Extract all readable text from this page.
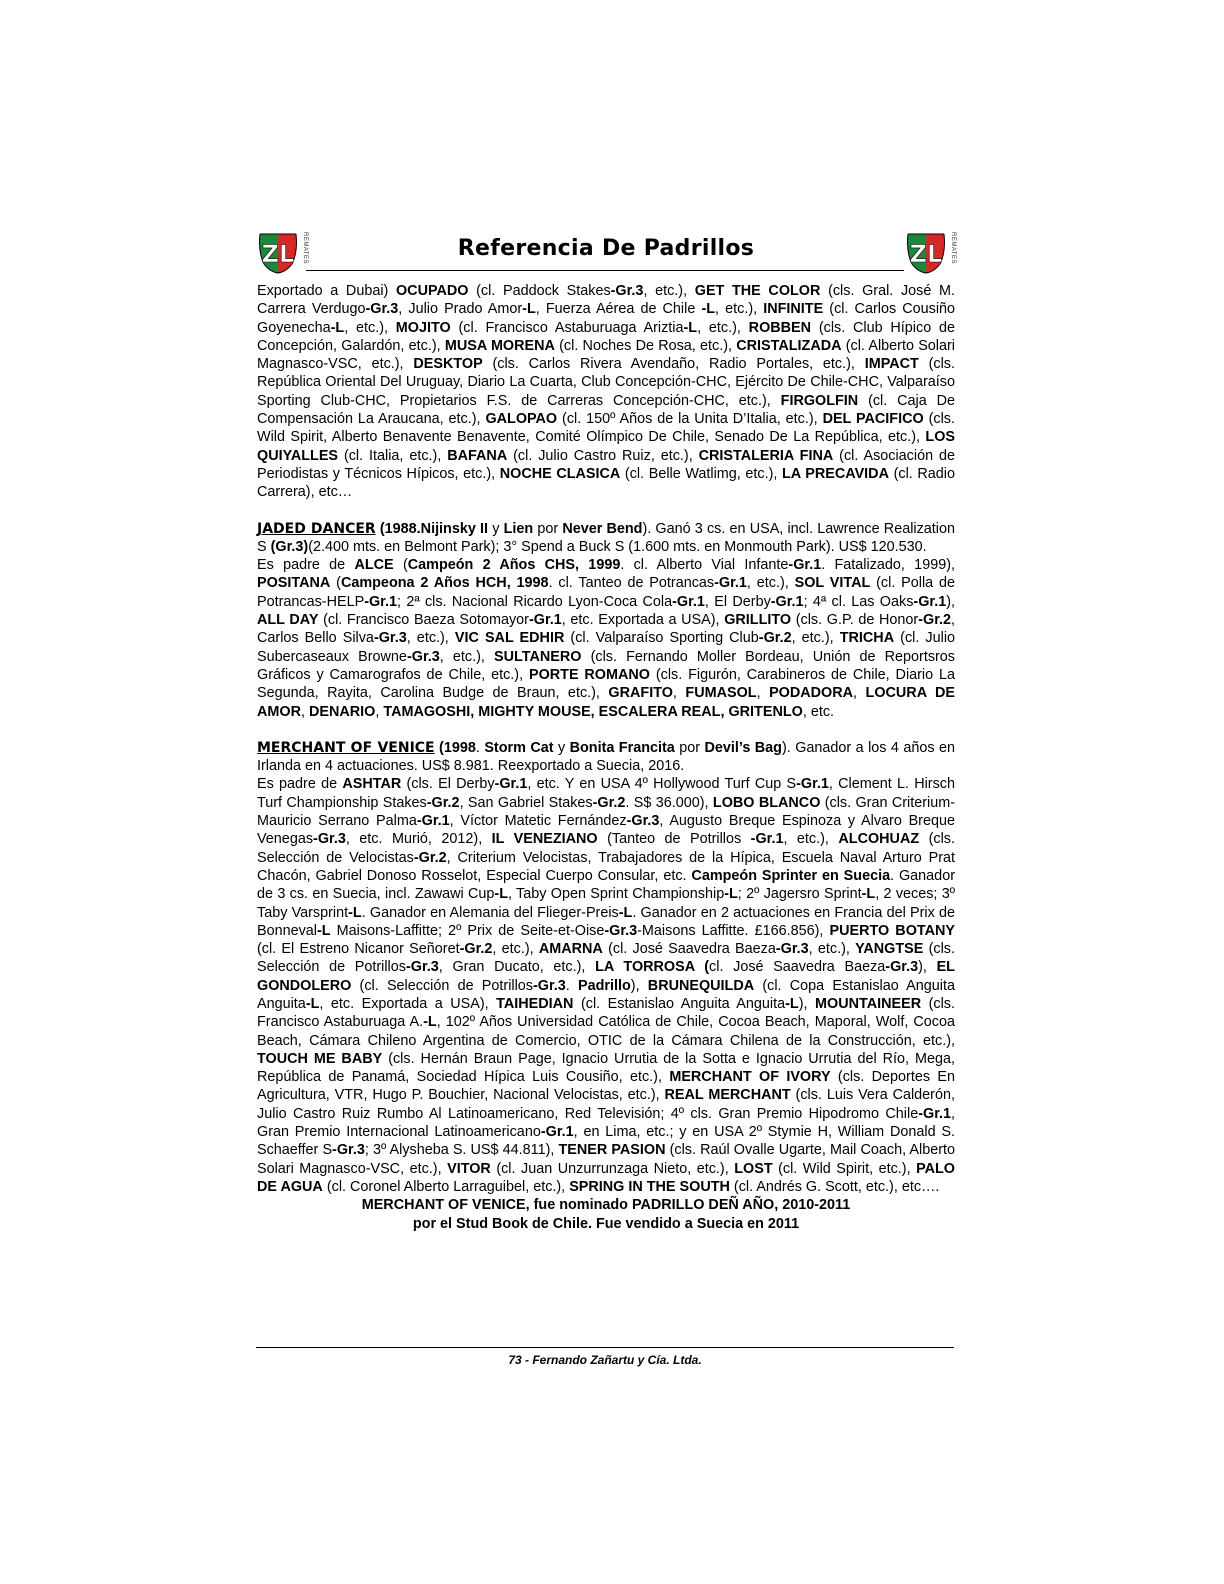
ZL REMATES	Referencia De Padrillos	ZL REMATES

Exportado a Dubai) OCUPADO (cl. Paddock Stakes-Gr.3, etc.), GET THE COLOR (cls. Gral. José M. Carrera Verdugo-Gr.3, Julio Prado Amor-L, Fuerza Aérea de Chile -L, etc.), INFINITE (cl. Carlos Cousiño Goyenecha-L, etc.), MOJITO (cl. Francisco Astaburuaga Ariztia-L, etc.), ROBBEN (cls. Club Hípico de Concepción, Galardón, etc.), MUSA MORENA (cl. Noches De Rosa, etc.), CRISTALIZADA (cl. Alberto Solari Magnasco-VSC, etc.), DESKTOP (cls. Carlos Rivera Avendaño, Radio Portales, etc.), IMPACT (cls. República Oriental Del Uruguay, Diario La Cuarta, Club Concepción-CHC, Ejército De Chile-CHC, Valparaíso Sporting Club-CHC, Propietarios F.S. de Carreras Concepción-CHC, etc.), FIRGOLFIN (cl. Caja De Compensación La Araucana, etc.), GALOPAO (cl. 150º Años de la Unita D’Italia, etc.), DEL PACIFICO (cls. Wild Spirit, Alberto Benavente Benavente, Comité Olímpico De Chile, Senado De La República, etc.), LOS QUIYALLES (cl. Italia, etc.), BAFANA (cl. Julio Castro Ruiz, etc.), CRISTALERIA FINA (cl. Asociación de Periodistas y Técnicos Hípicos, etc.), NOCHE CLASICA (cl. Belle Watlimg, etc.), LA PRECAVIDA (cl. Radio Carrera), etc…

JADED DANCER (1988.Nijinsky II y Lien por Never Bend). Ganó 3 cs. en USA, incl. Lawrence Realization S (Gr.3)(2.400 mts. en Belmont Park); 3° Spend a Buck S (1.600 mts. en Monmouth Park). US$ 120.530.

Es padre de ALCE (Campeón 2 Años CHS, 1999. cl. Alberto Vial Infante-Gr.1. Fatalizado, 1999), POSITANA (Campeona 2 Años HCH, 1998. cl. Tanteo de Potrancas-Gr.1, etc.), SOL VITAL (cl. Polla de Potrancas-HELP-Gr.1; 2ª cls. Nacional Ricardo Lyon-Coca Cola-Gr.1, El Derby-Gr.1; 4ª cl. Las Oaks-Gr.1), ALL DAY (cl. Francisco Baeza Sotomayor-Gr.1, etc. Exportada a USA), GRILLITO (cls. G.P. de Honor-Gr.2, Carlos Bello Silva-Gr.3, etc.), VIC SAL EDHIR (cl. Valparaíso Sporting Club-Gr.2, etc.), TRICHA (cl. Julio Subercaseaux Browne-Gr.3, etc.), SULTANERO (cls. Fernando Moller Bordeau, Unión de Reportsros Gráficos y Camarografos de Chile, etc.), PORTE ROMANO (cls. Figurón, Carabineros de Chile, Diario La Segunda, Rayita, Carolina Budge de Braun, etc.), GRAFITO, FUMASOL, PODADORA, LOCURA DE AMOR, DENARIO, TAMAGOSHI, MIGHTY MOUSE, ESCALERA REAL, GRITENLO, etc.

MERCHANT OF VENICE (1998. Storm Cat y Bonita Francita por Devil’s Bag). Ganador a los 4 años en Irlanda en 4 actuaciones. US$ 8.981. Reexportado a Suecia, 2016.

Es padre de ASHTAR (cls. El Derby-Gr.1, etc. Y en USA 4º Hollywood Turf Cup S-Gr.1, Clement L. Hirsch Turf Championship Stakes-Gr.2, San Gabriel Stakes-Gr.2. S$ 36.000), LOBO BLANCO (cls. Gran Criterium-Mauricio Serrano Palma-Gr.1, Víctor Matetic Fernández-Gr.3, Augusto Breque Espinoza y Alvaro Breque Venegas-Gr.3, etc. Murió, 2012), IL VENEZIANO (Tanteo de Potrillos -Gr.1, etc.), ALCOHUAZ (cls. Selección de Velocistas-Gr.2, Criterium Velocistas, Trabajadores de la Hípica, Escuela Naval Arturo Prat Chacón, Gabriel Donoso Rosselot, Especial Cuerpo Consular, etc. Campeón Sprinter en Suecia. Ganador de 3 cs. en Suecia, incl. Zawawi Cup-L, Taby Open Sprint Championship-L; 2º Jagersro Sprint-L, 2 veces; 3º Taby Varsprint-L. Ganador en Alemania del Flieger-Preis-L. Ganador en 2 actuaciones en Francia del Prix de Bonneval-L Maisons-Laffitte; 2º Prix de Seite-et-Oise-Gr.3-Maisons Laffitte. £166.856), PUERTO BOTANY (cl. El Estreno Nicanor Señoret-Gr.2, etc.), AMARNA (cl. José Saavedra Baeza-Gr.3, etc.), YANGTSE (cls. Selección de Potrillos-Gr.3, Gran Ducato, etc.), LA TORROSA (cl. José Saavedra Baeza-Gr.3), EL GONDOLERO (cl. Selección de Potrillos-Gr.3. Padrillo), BRUNEQUILDA (cl. Copa Estanislao Anguita Anguita-L, etc. Exportada a USA), TAIHEDIAN (cl. Estanislao Anguita Anguita-L), MOUNTAINEER (cls. Francisco Astaburuaga A.-L, 102º Años Universidad Católica de Chile, Cocoa Beach, Maporal, Wolf, Cocoa Beach, Cámara Chileno Argentina de Comercio, OTIC de la Cámara Chilena de la Construcción, etc.), TOUCH ME BABY (cls. Hernán Braun Page, Ignacio Urrutia de la Sotta e Ignacio Urrutia del Río, Mega, República de Panamá, Sociedad Hípica Luis Cousiño, etc.), MERCHANT OF IVORY (cls. Deportes En Agricultura, VTR, Hugo P. Bouchier, Nacional Velocistas, etc.), REAL MERCHANT (cls. Luis Vera Calderón, Julio Castro Ruiz Rumbo Al Latinoamericano, Red Televisión; 4º cls. Gran Premio Hipodromo Chile-Gr.1, Gran Premio Internacional Latinoamericano-Gr.1, en Lima, etc.; y en USA 2º Stymie H, William Donald S. Schaeffer S-Gr.3; 3º Alysheba S. US$ 44.811), TENER PASION (cls. Raúl Ovalle Ugarte, Mail Coach, Alberto Solari Magnasco-VSC, etc.), VITOR (cl. Juan Unzurrunzaga Nieto, etc.), LOST (cl. Wild Spirit, etc.), PALO DE AGUA (cl. Coronel Alberto Larraguibel, etc.), SPRING IN THE SOUTH (cl. Andrés G. Scott, etc.), etc….

MERCHANT OF VENICE, fue nominado PADRILLO DEÑ AÑO, 2010-2011
por el Stud Book de Chile. Fue vendido a Suecia en 2011

73 - Fernando Zañartu y Cía. Ltda.
